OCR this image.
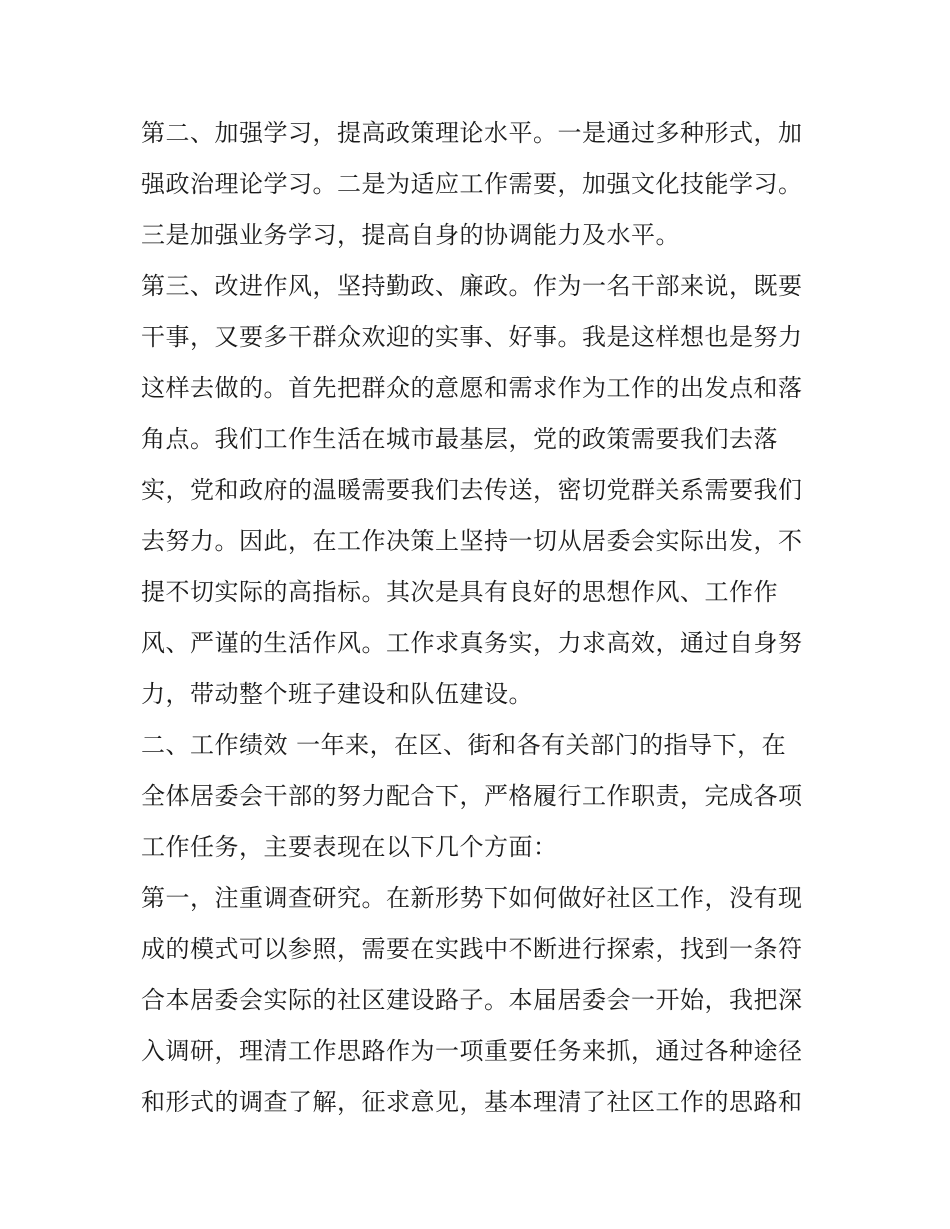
第二、加强学习，提高政策理论水平。一是通过多种形式，加
强政治理论学习。二是为适应工作需要，加强文化技能学习。
三是加强业务学习，提高自身的协调能力及水平。
第三、改进作风，坚持勤政、廉政。作为一名干部来说，既要
干事，又要多干群众欢迎的实事、好事。我是这样想也是努力
这样去做的。首先把群众的意愿和需求作为工作的出发点和落
角点。我们工作生活在城市最基层，党的政策需要我们去落
实，党和政府的温暖需要我们去传送，密切党群关系需要我们
去努力。因此，在工作决策上坚持一切从居委会实际出发，不
提不切实际的高指标。其次是具有良好的思想作风、工作作
风、严谨的生活作风。工作求真务实，力求高效，通过自身努
力，带动整个班子建设和队伍建设。
二、工作绩效 一年来，在区、街和各有关部门的指导下，在
全体居委会干部的努力配合下，严格履行工作职责，完成各项
工作任务，主要表现在以下几个方面：
第一，注重调查研究。在新形势下如何做好社区工作，没有现
成的模式可以参照，需要在实践中不断进行探索，找到一条符
合本居委会实际的社区建设路子。本届居委会一开始，我把深
入调研，理清工作思路作为一项重要任务来抓，通过各种途径
和形式的调查了解，征求意见，基本理清了社区工作的思路和
